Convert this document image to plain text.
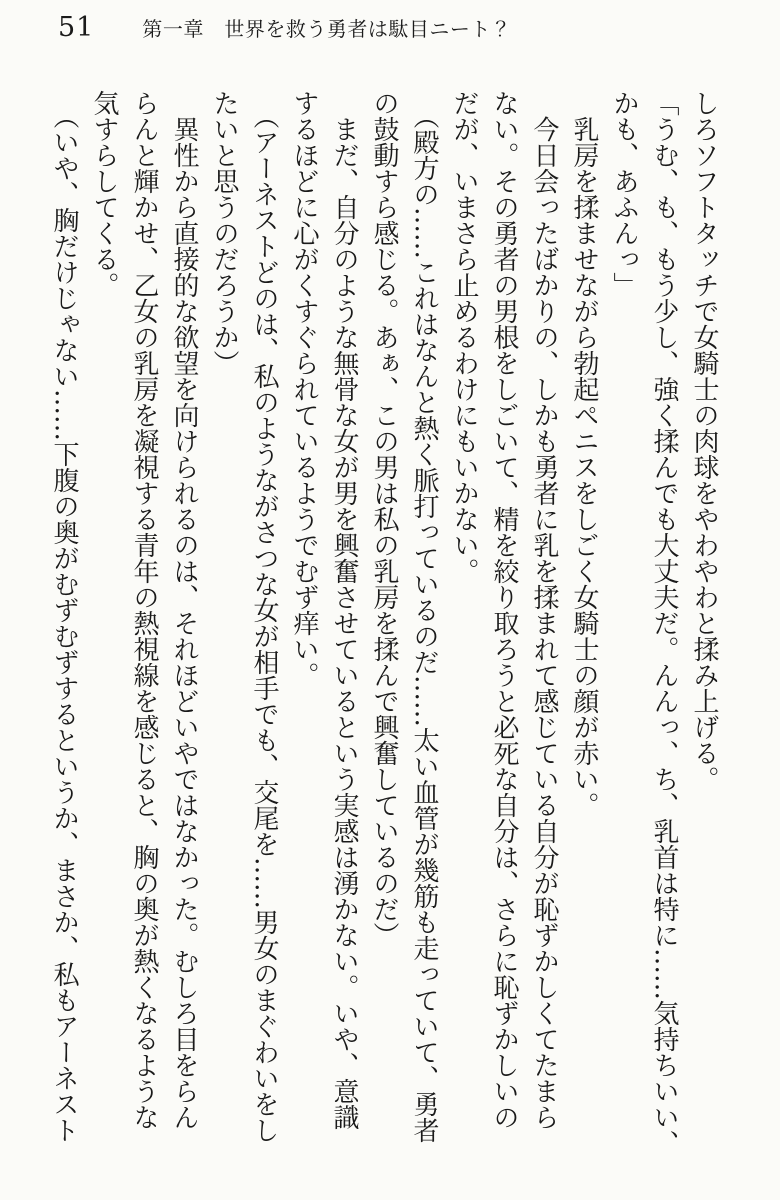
51 第一章　世界を救う勇者は駄目ニート？
しろソフトタッチで女騎士の肉球をやわやわと揉み上げる。
「うむ、も、もう少し、強く揉んでも大丈夫だ。んんっ、ち、乳首は特に……気持ちいい、
かも、あふんっ」
　乳房を揉ませながら勃起ペニスをしごく女騎士の顔が赤い。
　今日会ったばかりの、しかも勇者に乳を揉まれて感じている自分が恥ずかしくてたまら
ない。その勇者の男根をしごいて、精を絞り取ろうと必死な自分は、さらに恥ずかしいの
だが、いまさら止めるわけにもいかない。
　（殿方の……これはなんと熱く脈打っているのだ……太い血管が幾筋も走っていて、勇者
の鼓動すら感じる。あぁ、この男は私の乳房を揉んで興奮しているのだ）
　まだ、自分のような無骨な女が男を興奮させているという実感は湧かない。いや、意識
するほどに心がくすぐられているようでむず痒い。
　（アーネストどのは、私のようながさつな女が相手でも、交尾を……男女のまぐわいをし
たいと思うのだろうか）
　異性から直接的な欲望を向けられるのは、それほどいやではなかった。むしろ目をらん
らんと輝かせ、乙女の乳房を凝視する青年の熱視線を感じると、胸の奥が熱くなるような
気すらしてくる。
　（いや、胸だけじゃない……下腹の奥がむずむずするというか、まさか、私もアーネスト
